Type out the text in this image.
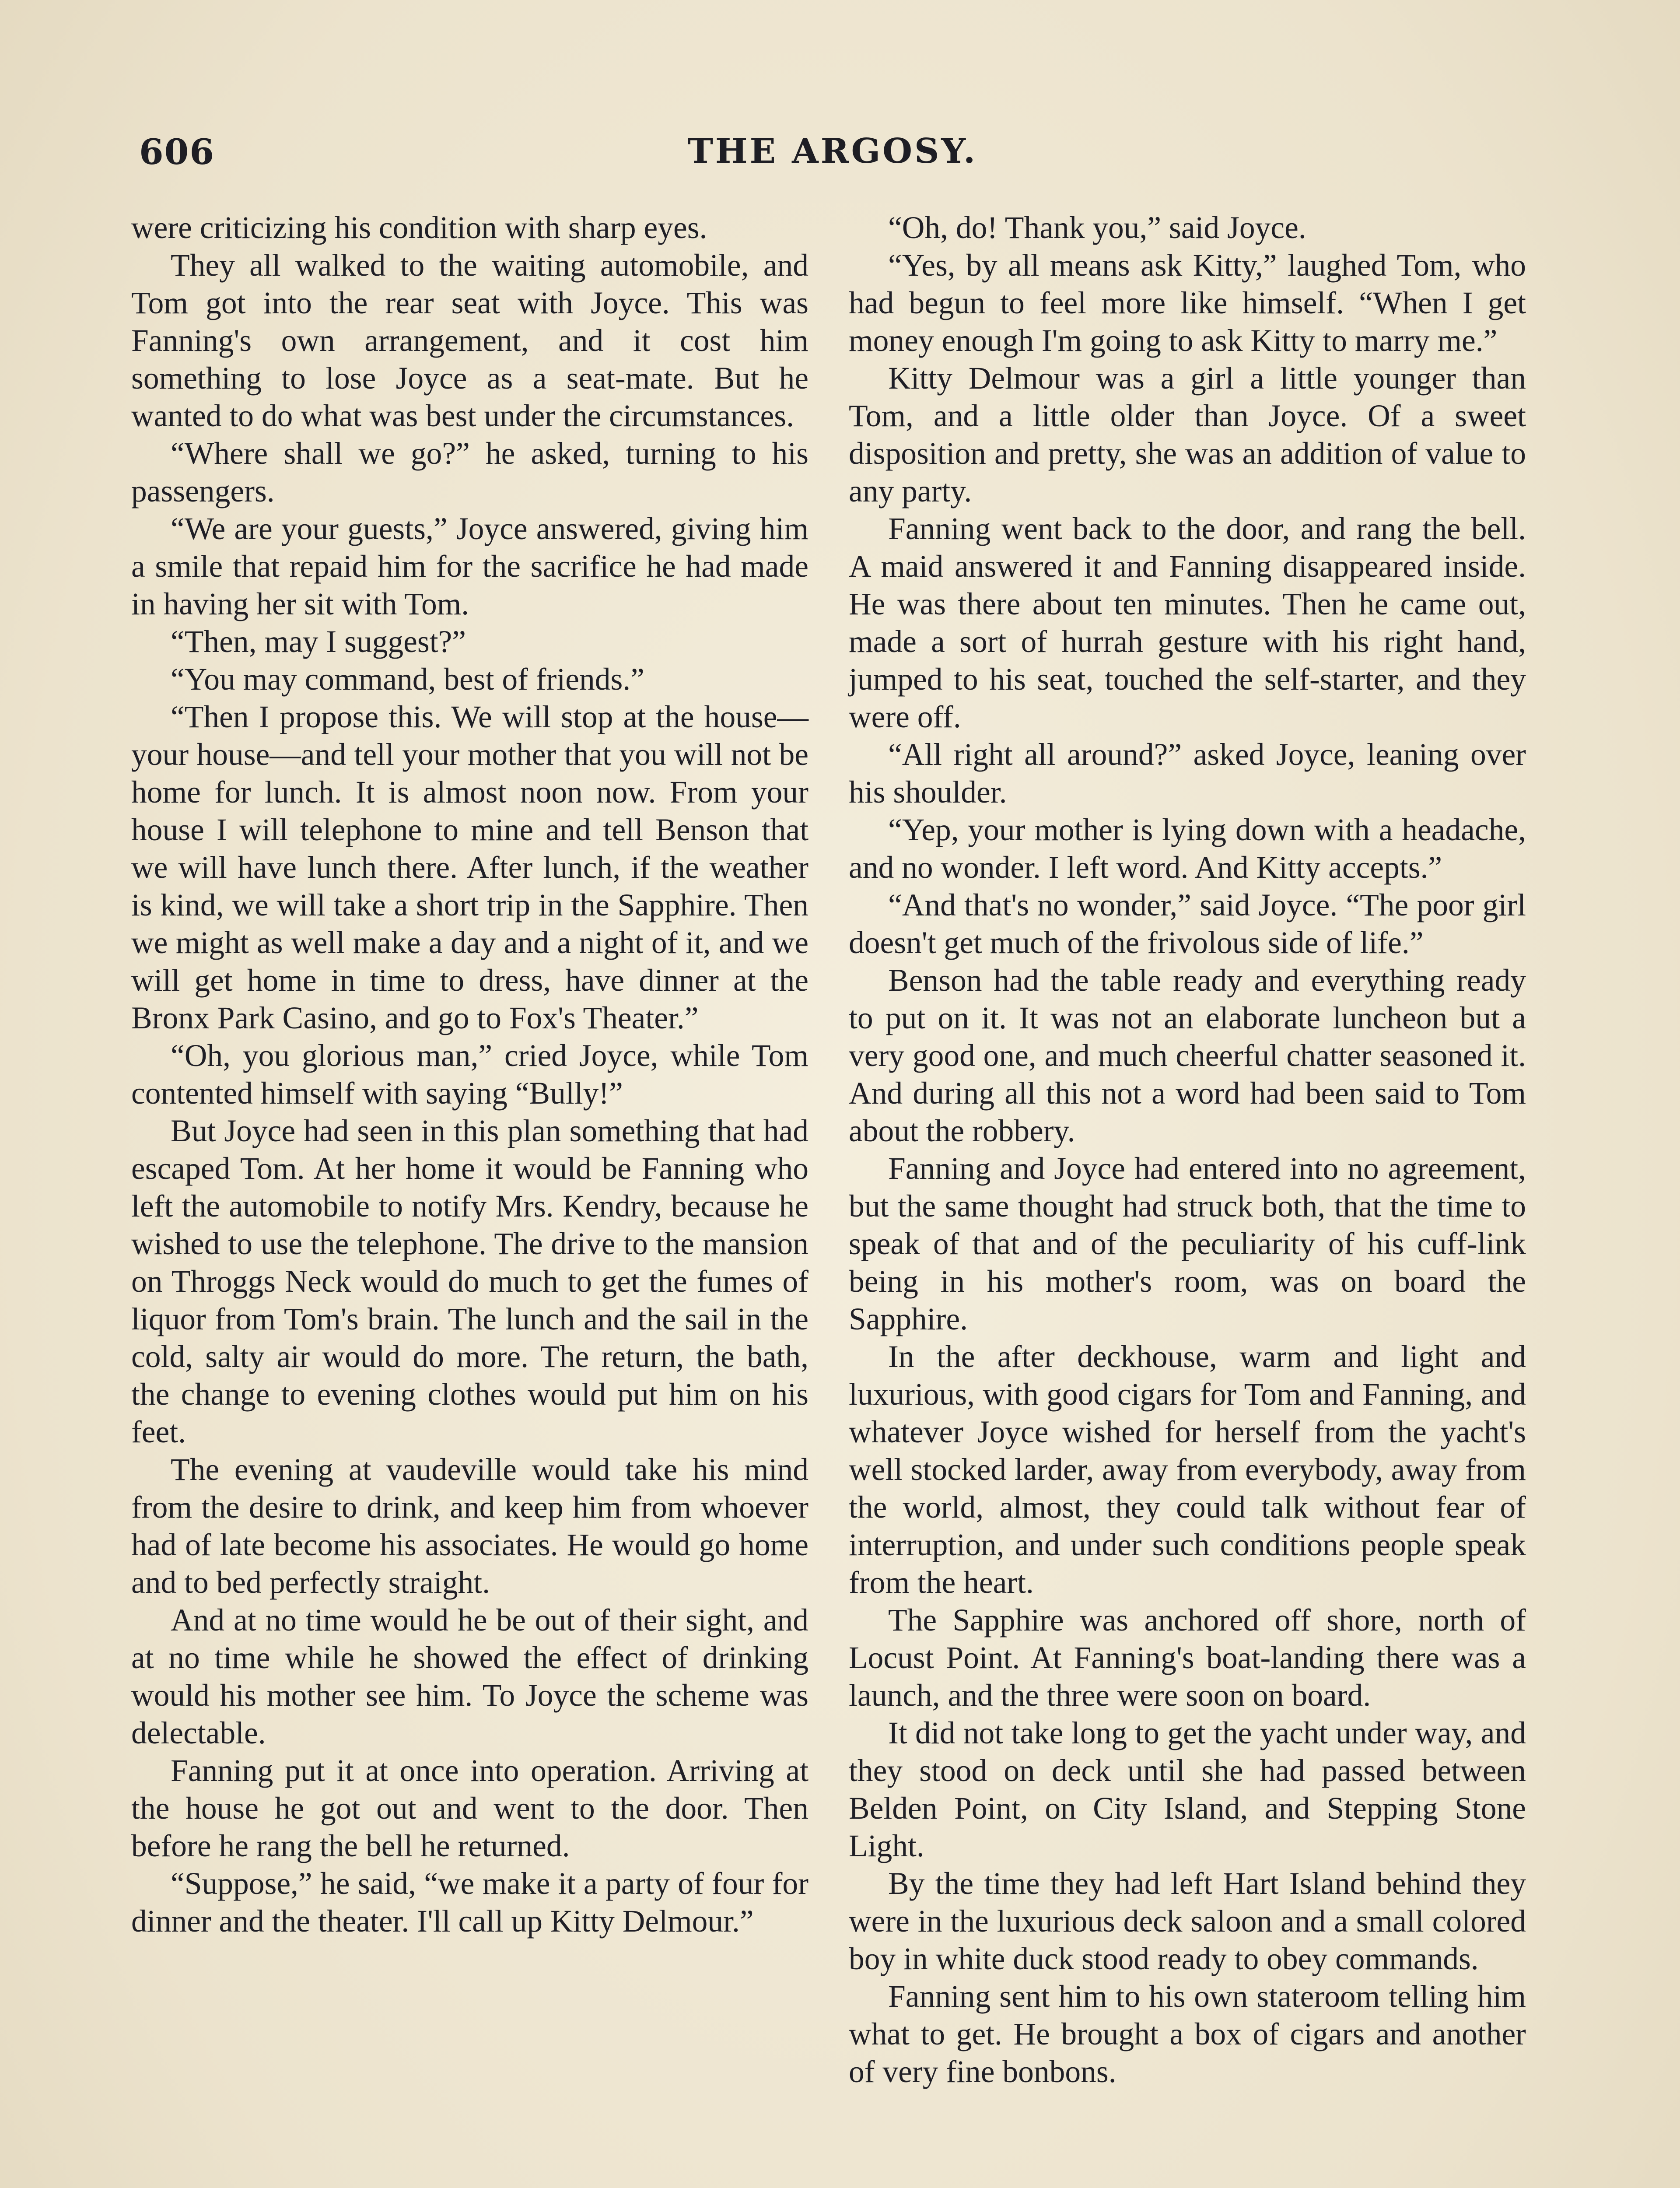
606	THE ARGOSY.

were criticizing his condition with sharp eyes.

They all walked to the waiting automobile, and Tom got into the rear seat with Joyce. This was Fanning's own arrangement, and it cost him something to lose Joyce as a seat-mate. But he wanted to do what was best under the circumstances.

“Where shall we go?” he asked, turning to his passengers.

“We are your guests,” Joyce answered, giving him a smile that repaid him for the sacrifice he had made in having her sit with Tom.

“Then, may I suggest?”

“You may command, best of friends.”

“Then I propose this. We will stop at the house—your house—and tell your mother that you will not be home for lunch. It is almost noon now. From your house I will telephone to mine and tell Benson that we will have lunch there. After lunch, if the weather is kind, we will take a short trip in the Sapphire. Then we might as well make a day and a night of it, and we will get home in time to dress, have dinner at the Bronx Park Casino, and go to Fox's Theater.”

“Oh, you glorious man,” cried Joyce, while Tom contented himself with saying “Bully!”

But Joyce had seen in this plan something that had escaped Tom. At her home it would be Fanning who left the automobile to notify Mrs. Kendry, because he wished to use the telephone. The drive to the mansion on Throggs Neck would do much to get the fumes of liquor from Tom's brain. The lunch and the sail in the cold, salty air would do more. The return, the bath, the change to evening clothes would put him on his feet.

The evening at vaudeville would take his mind from the desire to drink, and keep him from whoever had of late become his associates. He would go home and to bed perfectly straight.

And at no time would he be out of their sight, and at no time while he showed the effect of drinking would his mother see him. To Joyce the scheme was delectable.

Fanning put it at once into operation. Arriving at the house he got out and went to the door. Then before he rang the bell he returned.

“Suppose,” he said, “we make it a party of four for dinner and the theater. I'll call up Kitty Delmour.”

“Oh, do! Thank you,” said Joyce.

“Yes, by all means ask Kitty,” laughed Tom, who had begun to feel more like himself. “When I get money enough I'm going to ask Kitty to marry me.”

Kitty Delmour was a girl a little younger than Tom, and a little older than Joyce. Of a sweet disposition and pretty, she was an addition of value to any party.

Fanning went back to the door, and rang the bell. A maid answered it and Fanning disappeared inside. He was there about ten minutes. Then he came out, made a sort of hurrah gesture with his right hand, jumped to his seat, touched the self-starter, and they were off.

“All right all around?” asked Joyce, leaning over his shoulder.

“Yep, your mother is lying down with a headache, and no wonder. I left word. And Kitty accepts.”

“And that's no wonder,” said Joyce. “The poor girl doesn't get much of the frivolous side of life.”

Benson had the table ready and everything ready to put on it. It was not an elaborate luncheon but a very good one, and much cheerful chatter seasoned it. And during all this not a word had been said to Tom about the robbery.

Fanning and Joyce had entered into no agreement, but the same thought had struck both, that the time to speak of that and of the peculiarity of his cuff-link being in his mother's room, was on board the Sapphire.

In the after deckhouse, warm and light and luxurious, with good cigars for Tom and Fanning, and whatever Joyce wished for herself from the yacht's well stocked larder, away from everybody, away from the world, almost, they could talk without fear of interruption, and under such conditions people speak from the heart.

The Sapphire was anchored off shore, north of Locust Point. At Fanning's boat-landing there was a launch, and the three were soon on board.

It did not take long to get the yacht under way, and they stood on deck until she had passed between Belden Point, on City Island, and Stepping Stone Light.

By the time they had left Hart Island behind they were in the luxurious deck saloon and a small colored boy in white duck stood ready to obey commands.

Fanning sent him to his own stateroom telling him what to get. He brought a box of cigars and another of very fine bonbons.
